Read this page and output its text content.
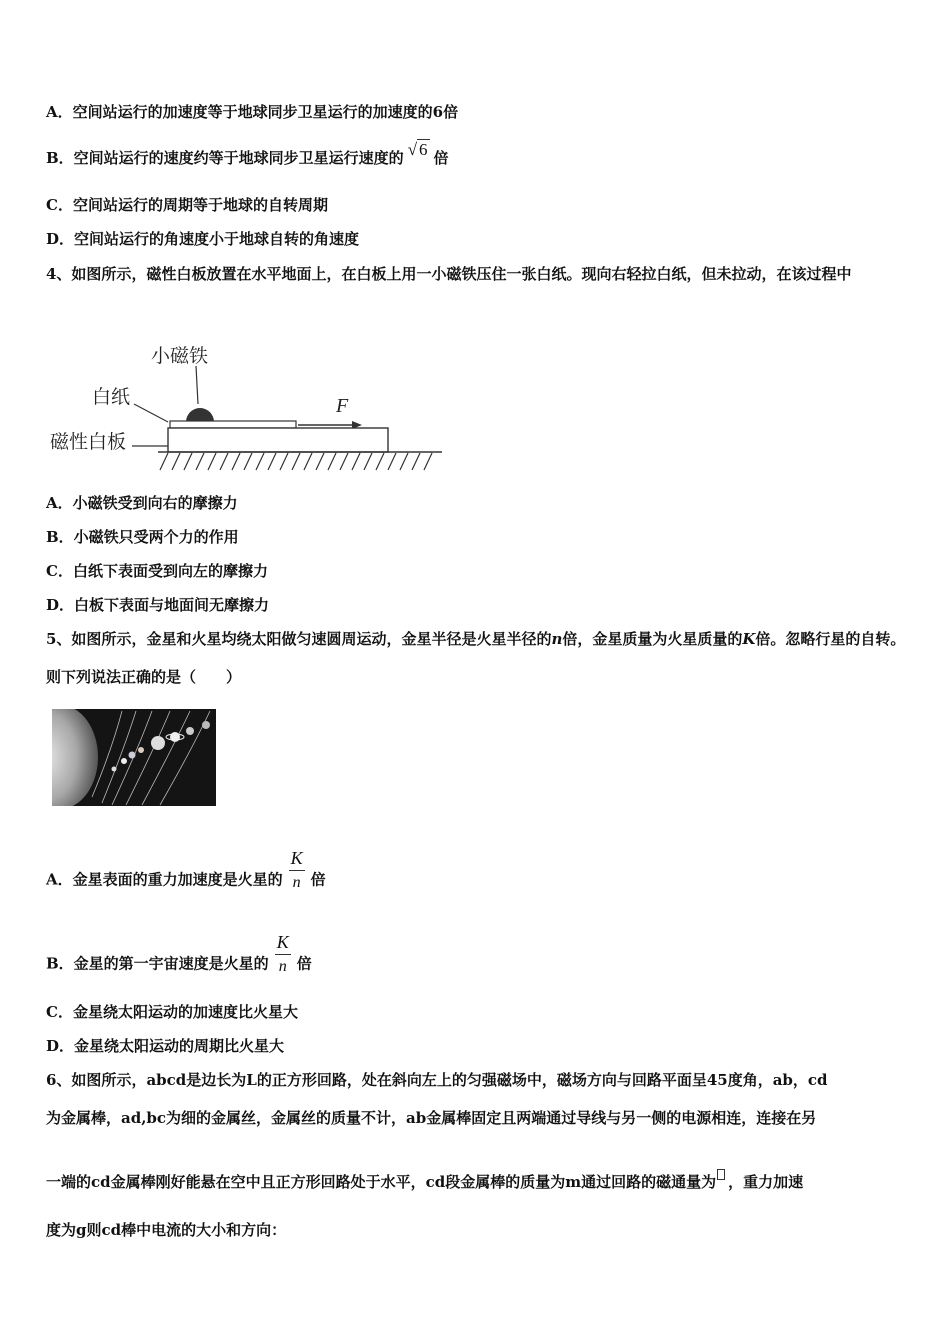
A．空间站运行的加速度等于地球同步卫星运行的加速度的6倍
B．空间站运行的速度约等于地球同步卫星运行速度的 √ 6 倍
C．空间站运行的周期等于地球的自转周期
D．空间站运行的角速度小于地球自转的角速度
4、如图所示，磁性白板放置在水平地面上，在白板上用一小磁铁压住一张白纸。现向右轻拉白纸，但未拉动，在该过程中
小磁铁
白纸
磁性白板
F
A．小磁铁受到向右的摩擦力
B．小磁铁只受两个力的作用
C．白纸下表面受到向左的摩擦力
D．白板下表面与地面间无摩擦力
5、如图所示，金星和火星均绕太阳做匀速圆周运动，金星半径是火星半径的n倍，金星质量为火星质量的K倍。忽略行星的自转。则下列说法正确的是（　　）
A．金星表面的重力加速度是火星的 $\frac{K}{n}$ 倍
B．金星的第一宇宙速度是火星的 $\frac{K}{n}$ 倍
C．金星绕太阳运动的加速度比火星大
D．金星绕太阳运动的周期比火星大
6、如图所示，abcd是边长为L的正方形回路，处在斜向左上的匀强磁场中，磁场方向与回路平面呈45度角，ab，cd
为金属棒，ad,bc为细的金属丝，金属丝的质量不计，ab金属棒固定且两端通过导线与另一侧的电源相连，连接在另
一端的cd金属棒刚好能悬在空中且正方形回路处于水平，cd段金属棒的质量为m通过回路的磁通量为 ，重力加速
度为g则cd棒中电流的大小和方向：
